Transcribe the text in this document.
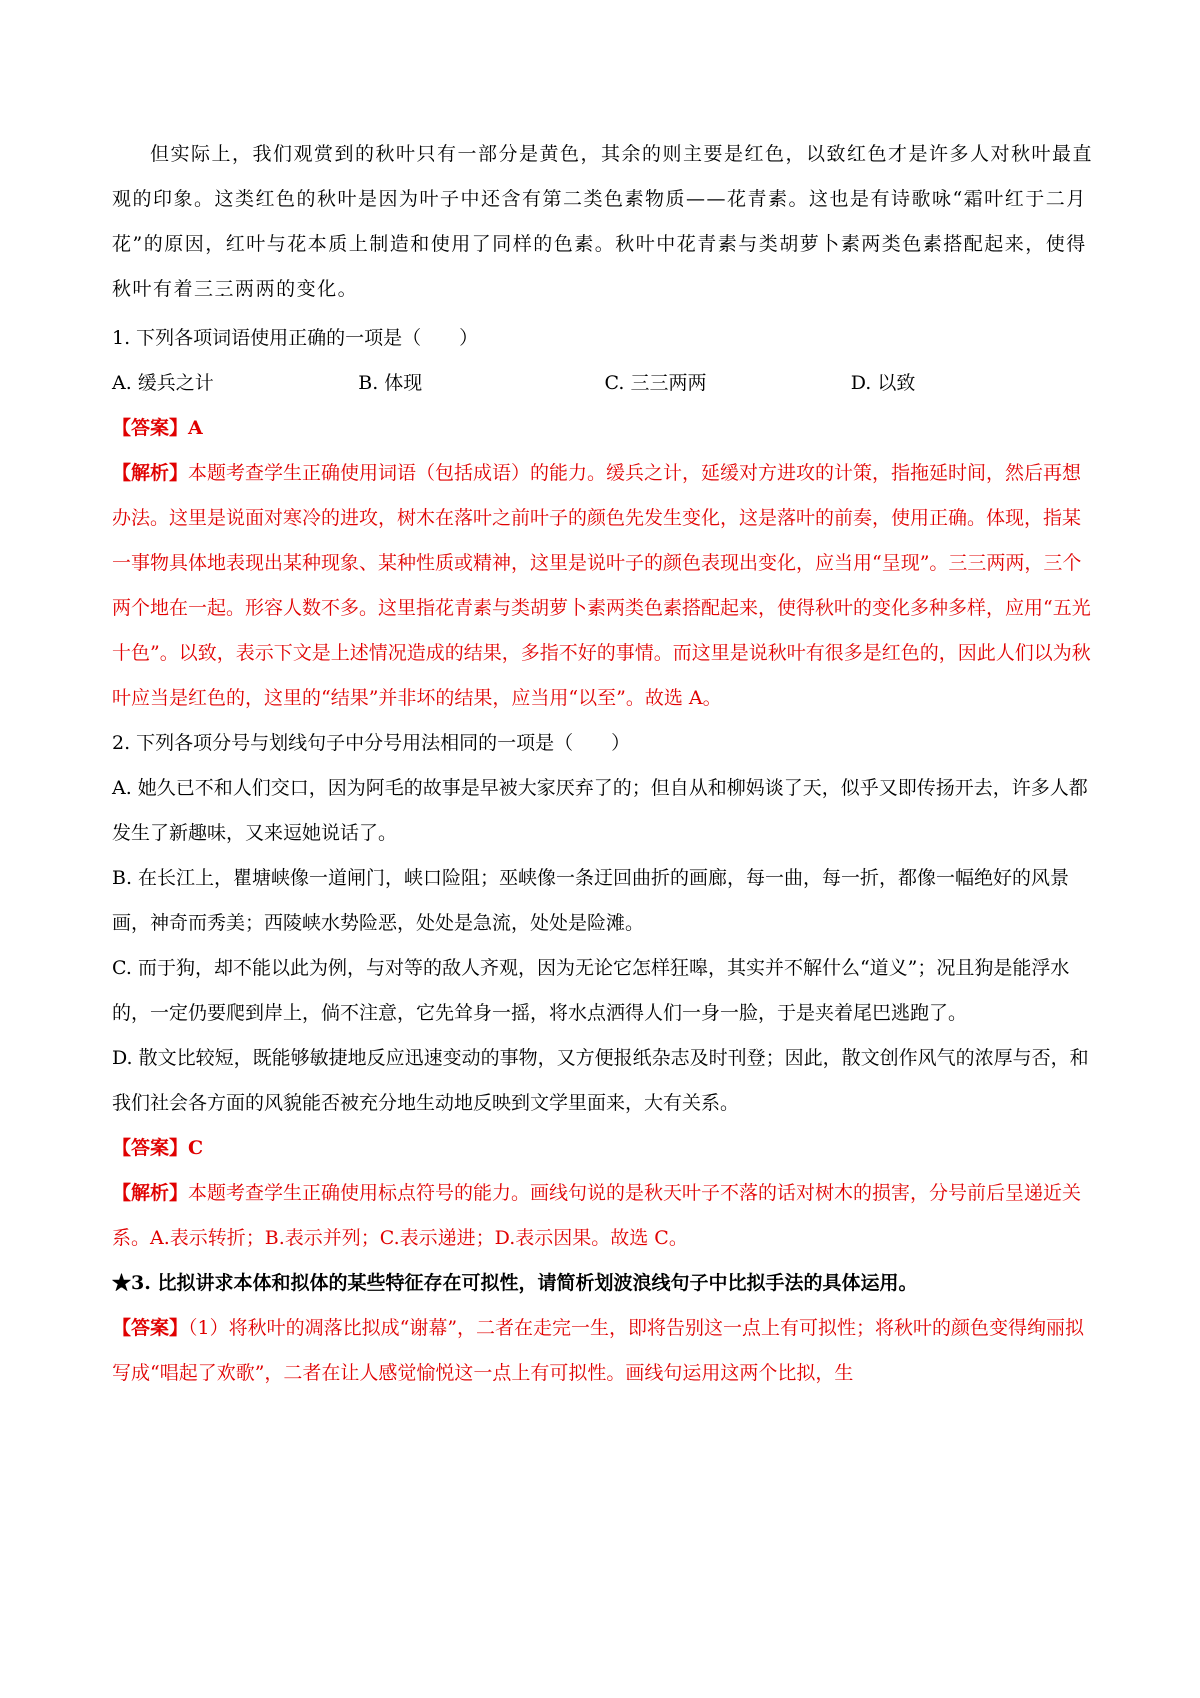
但实际上，我们观赏到的秋叶只有一部分是黄色，其余的则主要是红色，以致红色才是许多人对秋叶最直观的印象。这类红色的秋叶是因为叶子中还含有第二类色素物质——花青素。这也是有诗歌咏“霜叶红于二月花”的原因，红叶与花本质上制造和使用了同样的色素。秋叶中花青素与类胡萝卜素两类色素搭配起来，使得秋叶有着三三两两的变化。

1. 下列各项词语使用正确的一项是（　　）

A. 缓兵之计	B. 体现	C. 三三两两	D. 以致

【答案】A

【解析】本题考查学生正确使用词语（包括成语）的能力。缓兵之计，延缓对方进攻的计策，指拖延时间，然后再想办法。这里是说面对寒冷的进攻，树木在落叶之前叶子的颜色先发生变化，这是落叶的前奏，使用正确。体现，指某一事物具体地表现出某种现象、某种性质或精神，这里是说叶子的颜色表现出变化，应当用“呈现”。三三两两，三个两个地在一起。形容人数不多。这里指花青素与类胡萝卜素两类色素搭配起来，使得秋叶的变化多种多样，应用“五光十色”。以致，表示下文是上述情况造成的结果，多指不好的事情。而这里是说秋叶有很多是红色的，因此人们以为秋叶应当是红色的，这里的“结果”并非坏的结果，应当用“以至”。故选 A。

2. 下列各项分号与划线句子中分号用法相同的一项是（　　）

A. 她久已不和人们交口，因为阿毛的故事是早被大家厌弃了的；但自从和柳妈谈了天，似乎又即传扬开去，许多人都发生了新趣味，又来逗她说话了。

B. 在长江上，瞿塘峡像一道闸门，峡口险阻；巫峡像一条迂回曲折的画廊，每一曲，每一折，都像一幅绝好的风景画，神奇而秀美；西陵峡水势险恶，处处是急流，处处是险滩。

C. 而于狗，却不能以此为例，与对等的敌人齐观，因为无论它怎样狂嗥，其实并不解什么“道义”；况且狗是能浮水的，一定仍要爬到岸上，倘不注意，它先耸身一摇，将水点洒得人们一身一脸，于是夹着尾巴逃跑了。

D. 散文比较短，既能够敏捷地反应迅速变动的事物，又方便报纸杂志及时刊登；因此，散文创作风气的浓厚与否，和我们社会各方面的风貌能否被充分地生动地反映到文学里面来，大有关系。

【答案】C

【解析】本题考查学生正确使用标点符号的能力。画线句说的是秋天叶子不落的话对树木的损害，分号前后呈递近关系。A.表示转折；B.表示并列；C.表示递进；D.表示因果。故选 C。

★3. 比拟讲求本体和拟体的某些特征存在可拟性，请简析划波浪线句子中比拟手法的具体运用。

【答案】（1）将秋叶的凋落比拟成“谢幕”，二者在走完一生，即将告别这一点上有可拟性；将秋叶的颜色变得绚丽拟写成“唱起了欢歌”，二者在让人感觉愉悦这一点上有可拟性。画线句运用这两个比拟，生
